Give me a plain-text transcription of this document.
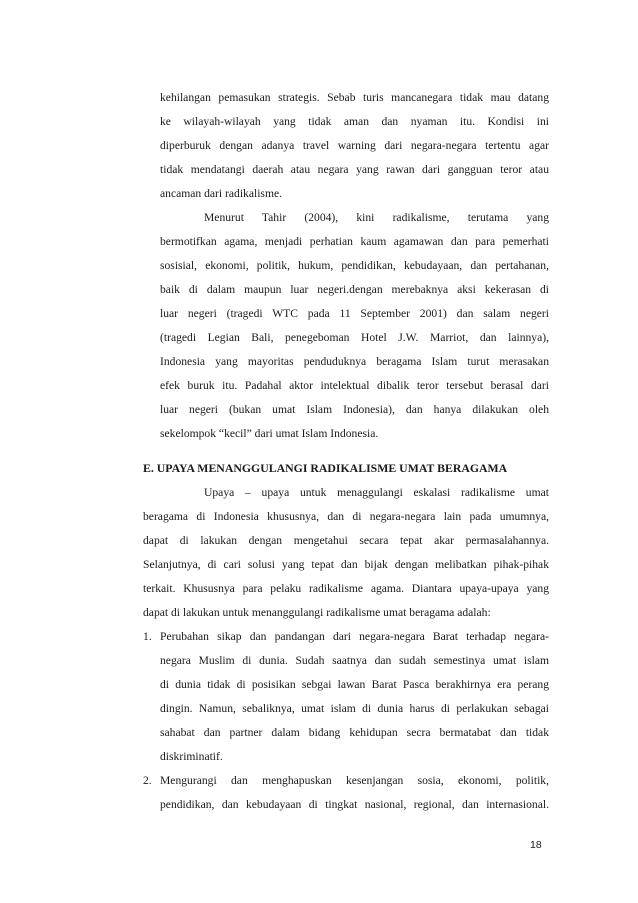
kehilangan pemasukan strategis. Sebab turis mancanegara tidak mau datang
ke wilayah-wilayah yang tidak aman dan nyaman itu. Kondisi ini
diperburuk dengan adanya travel warning dari negara-negara tertentu agar
tidak mendatangi daerah atau negara yang rawan dari gangguan teror atau
ancaman dari radikalisme.
Menurut Tahir (2004), kini radikalisme, terutama yang
bermotifkan agama, menjadi perhatian kaum agamawan dan para pemerhati
sosisial, ekonomi, politik, hukum, pendidikan, kebudayaan, dan pertahanan,
baik di dalam maupun luar negeri.dengan merebaknya aksi kekerasan di
luar negeri (tragedi WTC pada 11 September 2001) dan salam negeri
(tragedi Legian Bali, penegeboman Hotel J.W. Marriot, dan lainnya),
Indonesia yang mayoritas penduduknya beragama Islam turut merasakan
efek buruk itu. Padahal aktor intelektual dibalik teror tersebut berasal dari
luar negeri (bukan umat Islam Indonesia), dan hanya dilakukan oleh
sekelompok “kecil” dari umat Islam Indonesia.
E. UPAYA MENANGGULANGI RADIKALISME UMAT BERAGAMA
Upaya – upaya untuk menaggulangi eskalasi radikalisme umat
beragama di Indonesia khususnya, dan di negara-negara lain pada umumnya,
dapat di lakukan dengan mengetahui secara tepat akar permasalahannya.
Selanjutnya, di cari solusi yang tepat dan bijak dengan melibatkan pihak-pihak
terkait. Khususnya para pelaku radikalisme agama. Diantara upaya-upaya yang
dapat di lakukan untuk menanggulangi radikalisme umat beragama adalah:
1. Perubahan sikap dan pandangan dari negara-negara Barat terhadap negara-
negara Muslim di dunia. Sudah saatnya dan sudah semestinya umat islam
di dunia tidak di posisikan sebgai lawan Barat Pasca berakhirnya era perang
dingin. Namun, sebaliknya, umat islam di dunia harus di perlakukan sebagai
sahabat dan partner dalam bidang kehidupan secra bermatabat dan tidak
diskriminatif.
2. Mengurangi dan menghapuskan kesenjangan sosia, ekonomi, politik,
pendidikan, dan kebudayaan di tingkat nasional, regional, dan internasional.
18
